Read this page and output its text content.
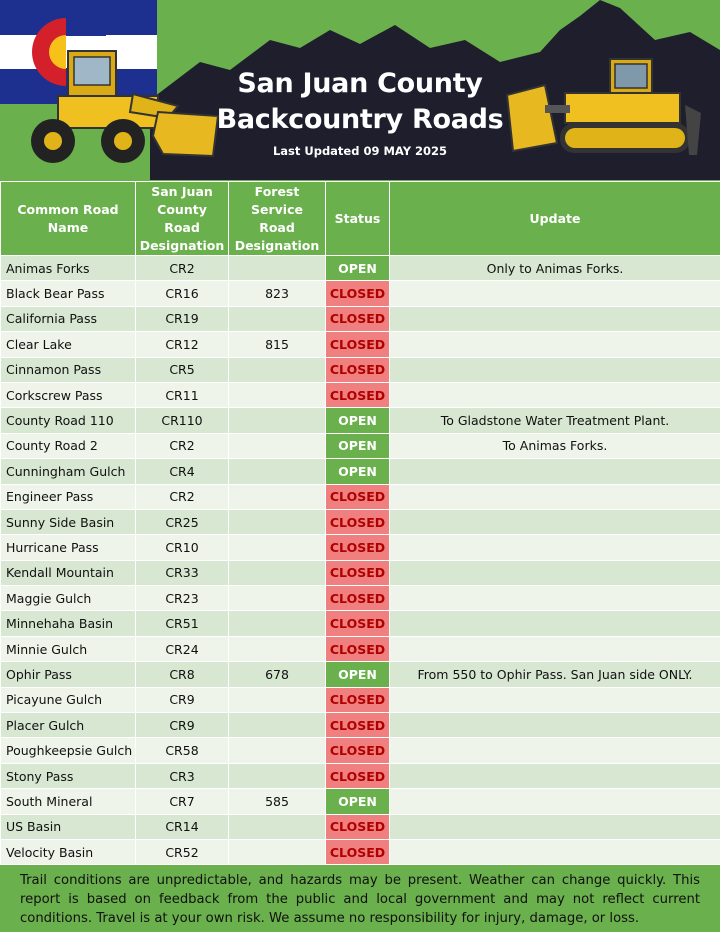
San Juan County
Backcountry Roads
Last Updated 09 MAY 2025
Common Road Name	San Juan County Road Designation	Forest Service Road Designation	Status	Update
Animas Forks	CR2		OPEN	Only to Animas Forks.
Black Bear Pass	CR16	823	CLOSED	
California Pass	CR19		CLOSED	
Clear Lake	CR12	815	CLOSED	
Cinnamon Pass	CR5		CLOSED	
Corkscrew Pass	CR11		CLOSED	
County Road 110	CR110		OPEN	To Gladstone Water Treatment Plant.
County Road 2	CR2		OPEN	To Animas Forks.
Cunningham Gulch	CR4		OPEN	
Engineer Pass	CR2		CLOSED	
Sunny Side Basin	CR25		CLOSED	
Hurricane Pass	CR10		CLOSED	
Kendall Mountain	CR33		CLOSED	
Maggie Gulch	CR23		CLOSED	
Minnehaha Basin	CR51		CLOSED	
Minnie Gulch	CR24		CLOSED	
Ophir Pass	CR8	678	OPEN	From 550 to Ophir Pass. San Juan side ONLY.
Picayune Gulch	CR9		CLOSED	
Placer Gulch	CR9		CLOSED	
Poughkeepsie Gulch	CR58		CLOSED	
Stony Pass	CR3		CLOSED	
South Mineral	CR7	585	OPEN	
US Basin	CR14		CLOSED	
Velocity Basin	CR52		CLOSED	

Trail conditions are unpredictable, and hazards may be present. Weather can change quickly. This report is based on feedback from the public and local government and may not reflect current conditions. Travel is at your own risk. We assume no responsibility for injury, damage, or loss.
